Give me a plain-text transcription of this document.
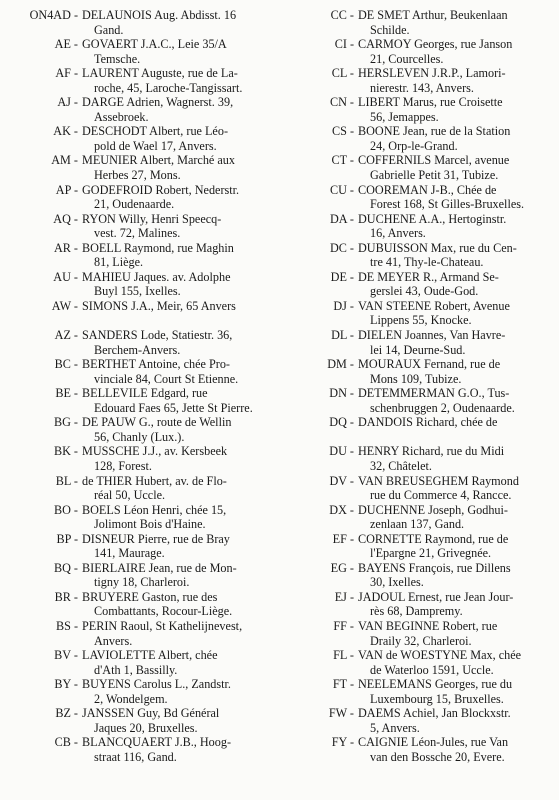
ON4AD - DELAUNOIS Aug. Abdisst. 16
Gand.
AE - GOVAERT J.A.C., Leie 35/A
Temsche.
AF - LAURENT Auguste, rue de La-
roche, 45, Laroche-Tangissart.
AJ - DARGE Adrien, Wagnerst. 39,
Assebroek.
AK - DESCHODT Albert, rue Léo-
pold de Wael 17, Anvers.
AM - MEUNIER Albert, Marché aux
Herbes 27, Mons.
AP - GODEFROID Robert, Nederstr.
21, Oudenaarde.
AQ - RYON Willy, Henri Speecq-
vest. 72, Malines.
AR - BOELL Raymond, rue Maghin
81, Liège.
AU - MAHIEU Jaques. av. Adolphe
Buyl 155, Ixelles.
AW - SIMONS J.A., Meir, 65 Anvers
AZ - SANDERS Lode, Statiestr. 36,
Berchem-Anvers.
BC - BERTHET Antoine, chée Pro-
vinciale 84, Court St Etienne.
BE - BELLEVILE Edgard, rue
Edouard Faes 65, Jette St Pierre.
BG - DE PAUW G., route de Wellin
56, Chanly (Lux.).
BK - MUSSCHE J.J., av. Kersbeek
128, Forest.
BL - de THIER Hubert, av. de Flo-
réal 50, Uccle.
BO - BOELS Léon Henri, chée 15,
Jolimont Bois d'Haine.
BP - DISNEUR Pierre, rue de Bray
141, Maurage.
BQ - BIERLAIRE Jean, rue de Mon-
tigny 18, Charleroi.
BR - BRUYERE Gaston, rue des
Combattants, Rocour-Liège.
BS - PERIN Raoul, St Kathelijnevest,
Anvers.
BV - LAVIOLETTE Albert, chée
d'Ath 1, Bassilly.
BY - BUYENS Carolus L., Zandstr.
2, Wondelgem.
BZ - JANSSEN Guy, Bd Général
Jaques 20, Bruxelles.
CB - BLANCQUAERT J.B., Hoog-
straat 116, Gand.
CC - DE SMET Arthur, Beukenlaan
Schilde.
CI - CARMOY Georges, rue Janson
21, Courcelles.
CL - HERSLEVEN J.R.P., Lamori-
nierestr. 143, Anvers.
CN - LIBERT Marus, rue Croisette
56, Jemappes.
CS - BOONE Jean, rue de la Station
24, Orp-le-Grand.
CT - COFFERNILS Marcel, avenue
Gabrielle Petit 31, Tubize.
CU - COOREMAN J-B., Chée de
Forest 168, St Gilles-Bruxelles.
DA - DUCHENE A.A., Hertoginstr.
16, Anvers.
DC - DUBUISSON Max, rue du Cen-
tre 41, Thy-le-Chateau.
DE - DE MEYER R., Armand Se-
gerslei 43, Oude-God.
DJ - VAN STEENE Robert, Avenue
Lippens 55, Knocke.
DL - DIELEN Joannes, Van Havre-
lei 14, Deurne-Sud.
DM - MOURAUX Fernand, rue de
Mons 109, Tubize.
DN - DETEMMERMAN G.O., Tus-
schenbruggen 2, Oudenaarde.
DQ - DANDOIS Richard, chée de
DU - HENRY Richard, rue du Midi
32, Châtelet.
DV - VAN BREUSEGHEM Raymond
rue du Commerce 4, Rancce.
DX - DUCHENNE Joseph, Godhui-
zenlaan 137, Gand.
EF - CORNETTE Raymond, rue de
l'Epargne 21, Grivegnée.
EG - BAYENS François, rue Dillens
30, Ixelles.
EJ - JADOUL Ernest, rue Jean Jour-
rès 68, Dampremy.
FF - VAN BEGINNE Robert, rue
Draily 32, Charleroi.
FL - VAN de WOESTYNE Max, chée
de Waterloo 1591, Uccle.
FT - NEELEMANS Georges, rue du
Luxembourg 15, Bruxelles.
FW - DAEMS Achiel, Jan Blockxstr.
5, Anvers.
FY - CAIGNIE Léon-Jules, rue Van
van den Bossche 20, Evere.
